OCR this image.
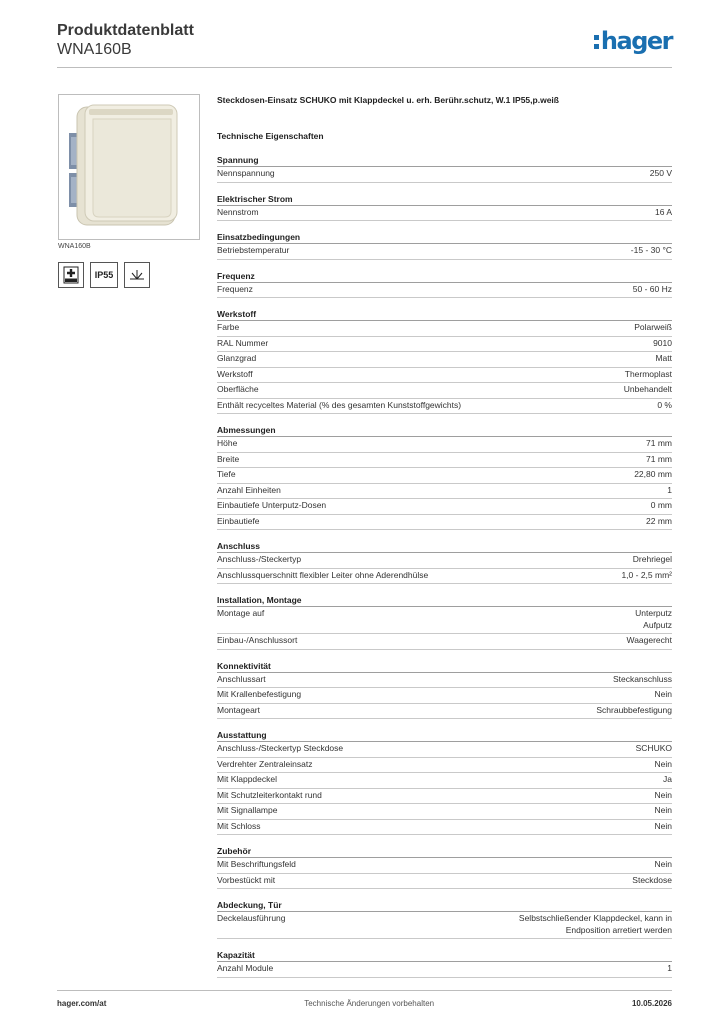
Produktdatenblatt
WNA160B	hager
WNA160B
IP55
Steckdosen-Einsatz SCHUKO mit Klappdeckel u. erh. Berühr.schutz, W.1 IP55,p.weiß
Technische Eigenschaften
Spannung
Nennspannung	250 V
Elektrischer Strom
Nennstrom	16 A
Einsatzbedingungen
Betriebstemperatur	-15 - 30 °C
Frequenz
Frequenz	50 - 60 Hz
Werkstoff
Farbe	Polarweiß
RAL Nummer	9010
Glanzgrad	Matt
Werkstoff	Thermoplast
Oberfläche	Unbehandelt
Enthält recyceltes Material (% des gesamten Kunststoffgewichts)	0 %
Abmessungen
Höhe	71 mm
Breite	71 mm
Tiefe	22,80 mm
Anzahl Einheiten	1
Einbautiefe Unterputz-Dosen	0 mm
Einbautiefe	22 mm
Anschluss
Anschluss-/Steckertyp	Drehriegel
Anschlussquerschnitt flexibler Leiter ohne Aderendhülse	1,0 - 2,5 mm²
Installation, Montage
Montage auf	Unterputz
Aufputz
Einbau-/Anschlussort	Waagerecht
Konnektivität
Anschlussart	Steckanschluss
Mit Krallenbefestigung	Nein
Montageart	Schraubbefestigung
Ausstattung
Anschluss-/Steckertyp Steckdose	SCHUKO
Verdrehter Zentraleinsatz	Nein
Mit Klappdeckel	Ja
Mit Schutzleiterkontakt rund	Nein
Mit Signallampe	Nein
Mit Schloss	Nein
Zubehör
Mit Beschriftungsfeld	Nein
Vorbestückt mit	Steckdose
Abdeckung, Tür
Deckelausführung	Selbstschließender Klappdeckel, kann in
Endposition arretiert werden
Kapazität
Anzahl Module	1
hager.com/at	Technische Änderungen vorbehalten	10.05.2026
